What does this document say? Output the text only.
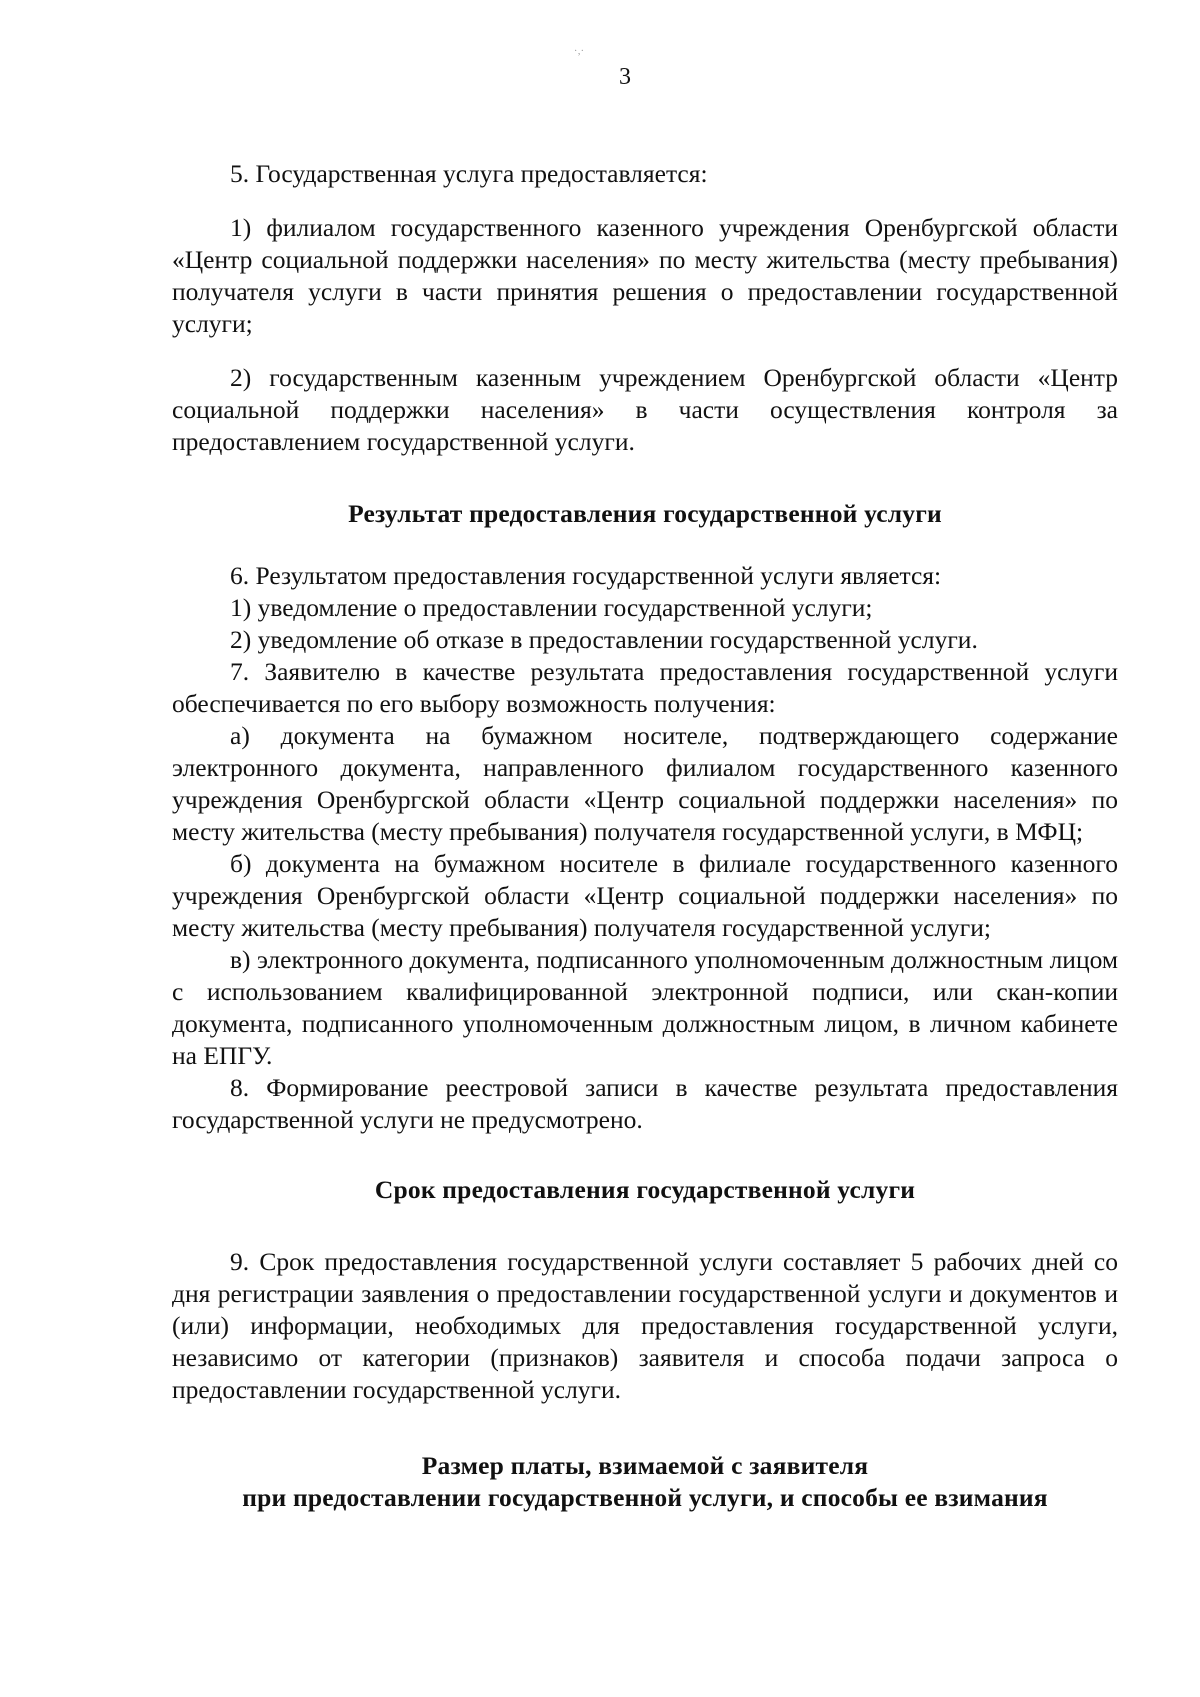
·‚·
3

5. Государственная услуга предоставляется:

1) филиалом государственного казенного учреждения Оренбургской области «Центр социальной поддержки населения» по месту жительства (месту пребывания) получателя услуги в части принятия решения о предоставлении государственной услуги;

2) государственным казенным учреждением Оренбургской области «Центр социальной поддержки населения» в части осуществления контроля за предоставлением государственной услуги.

Результат предоставления государственной услуги

6. Результатом предоставления государственной услуги является:

1) уведомление о предоставлении государственной услуги;

2) уведомление об отказе в предоставлении государственной услуги.

7. Заявителю в качестве результата предоставления государственной услуги обеспечивается по его выбору возможность получения:

а) документа на бумажном носителе, подтверждающего содержание электронного документа, направленного филиалом государственного казенного учреждения Оренбургской области «Центр социальной поддержки населения» по месту жительства (месту пребывания) получателя государственной услуги, в МФЦ;

б) документа на бумажном носителе в филиале государственного казенного учреждения Оренбургской области «Центр социальной поддержки населения» по месту жительства (месту пребывания) получателя государственной услуги;

в) электронного документа, подписанного уполномоченным должностным лицом с использованием квалифицированной электронной подписи, или скан-копии документа, подписанного уполномоченным должностным лицом, в личном кабинете на ЕПГУ.

8. Формирование реестровой записи в качестве результата предоставления государственной услуги не предусмотрено.

Срок предоставления государственной услуги

9. Срок предоставления государственной услуги составляет 5 рабочих дней со дня регистрации заявления о предоставлении государственной услуги и документов и (или) информации, необходимых для предоставления государственной услуги, независимо от категории (признаков) заявителя и способа подачи запроса о предоставлении государственной услуги.

Размер платы, взимаемой с заявителя

при предоставлении государственной услуги, и способы ее взимания
